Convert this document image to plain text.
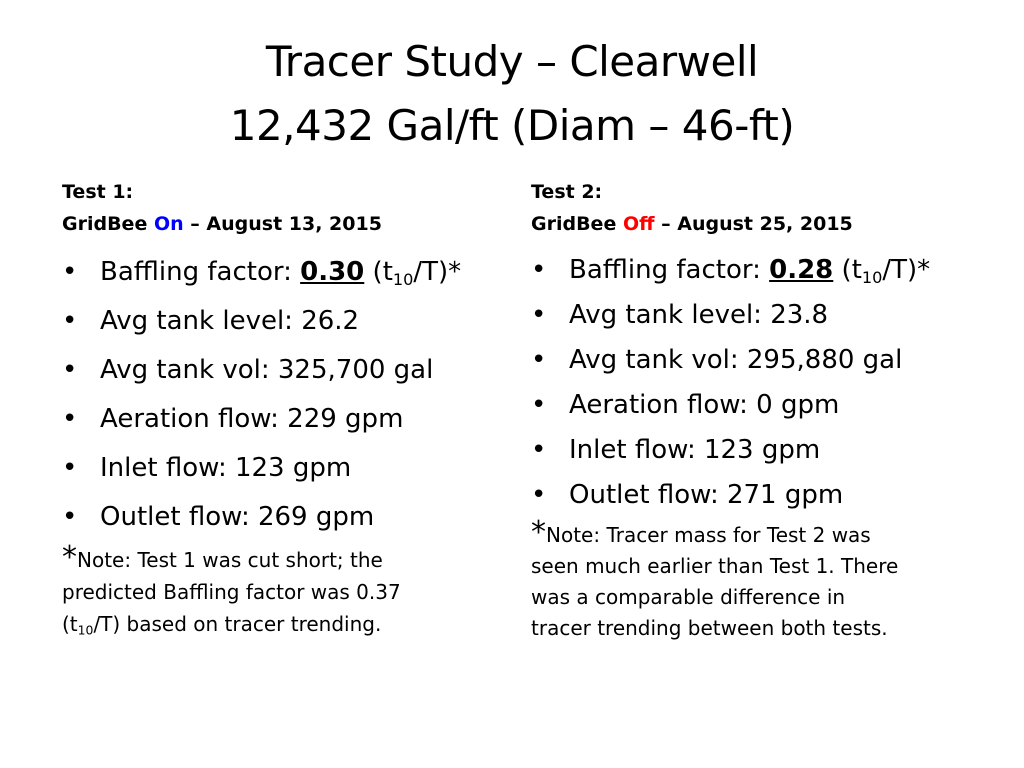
Tracer Study – Clearwell
12,432 Gal/ft (Diam – 46-ft)
Test 1:
GridBee On – August 13, 2015
• Baffling factor: 0.30 $(t_{10}/T)*$
• Avg tank level: 26.2
• Avg tank vol: 325,700 gal
• Aeration flow: 229 gpm
• Inlet flow: 123 gpm
• Outlet flow: 269 gpm
*Note: Test 1 was cut short; the
predicted Baffling factor was 0.37
$(t_{10}/T)$ based on tracer trending.
Test 2:
GridBee Off – August 25, 2015
• Baffling factor: 0.28 $(t_{10}/T)*$
• Avg tank level: 23.8
• Avg tank vol: 295,880 gal
• Aeration flow: 0 gpm
• Inlet flow: 123 gpm
• Outlet flow: 271 gpm
*Note: Tracer mass for Test 2 was
seen much earlier than Test 1. There
was a comparable difference in
tracer trending between both tests.
